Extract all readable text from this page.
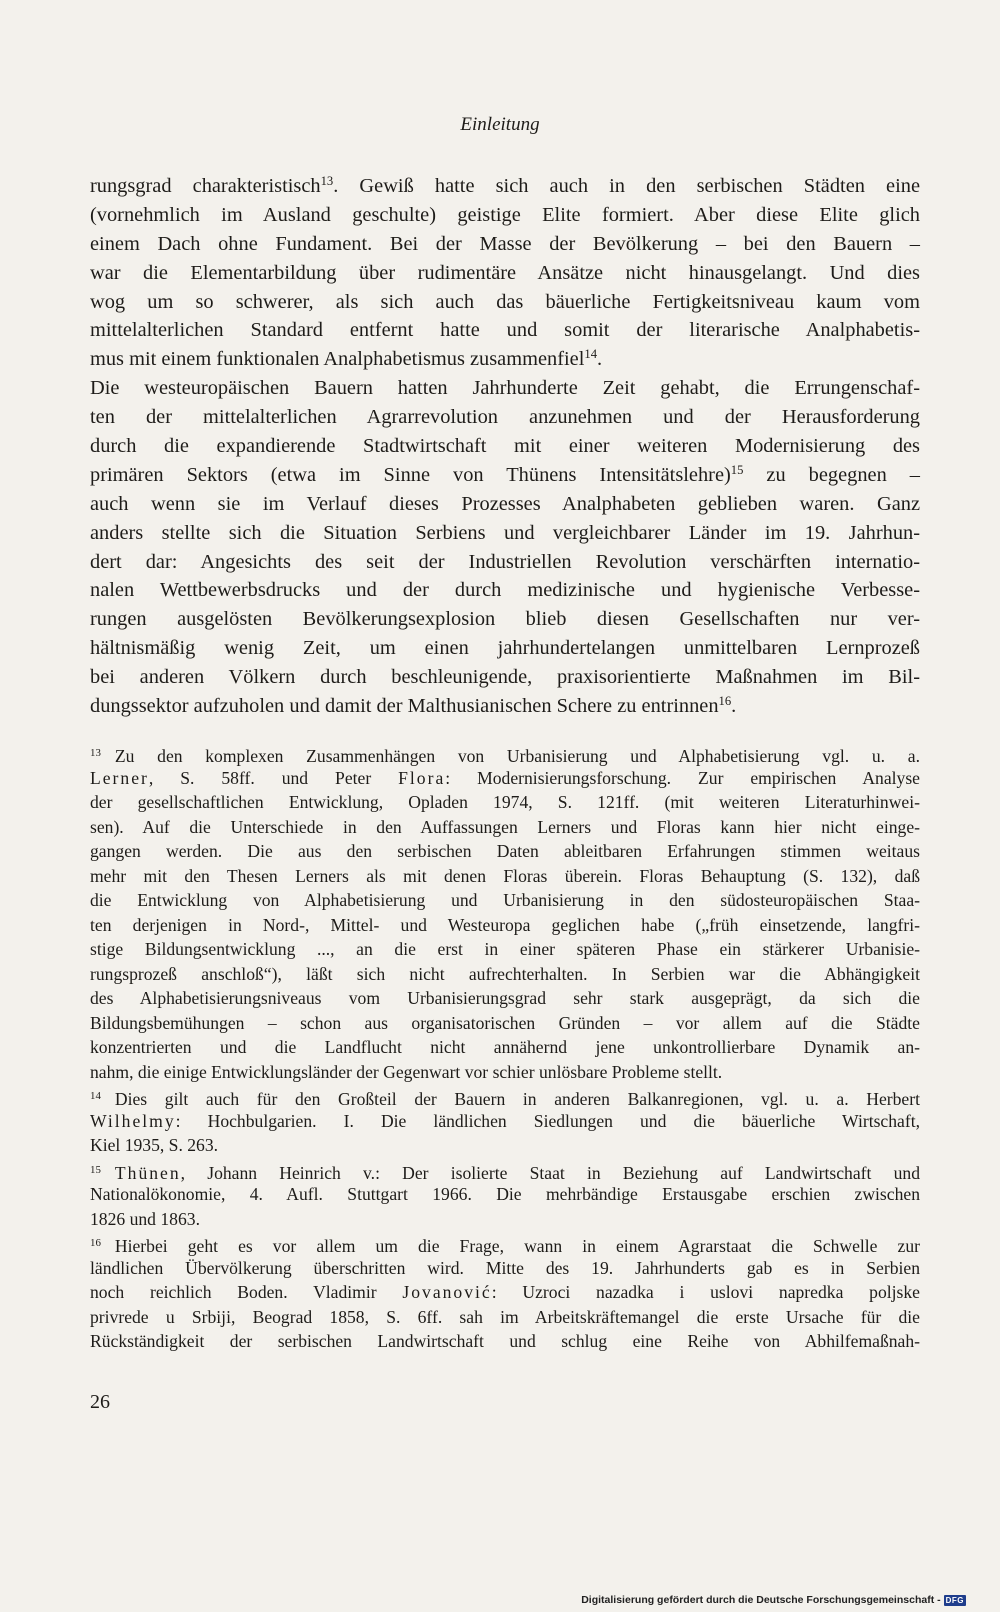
Einleitung
rungsgrad charakteristisch$^{13}$. Gewiß hatte sich auch in den serbischen Städten eine
(vornehmlich im Ausland geschulte) geistige Elite formiert. Aber diese Elite glich
einem Dach ohne Fundament. Bei der Masse der Bevölkerung – bei den Bauern –
war die Elementarbildung über rudimentäre Ansätze nicht hinausgelangt. Und dies
wog um so schwerer, als sich auch das bäuerliche Fertigkeitsniveau kaum vom
mittelalterlichen Standard entfernt hatte und somit der literarische Analphabetis-
mus mit einem funktionalen Analphabetismus zusammenfiel$^{14}$.
Die westeuropäischen Bauern hatten Jahrhunderte Zeit gehabt, die Errungenschaf-
ten der mittelalterlichen Agrarrevolution anzunehmen und der Herausforderung
durch die expandierende Stadtwirtschaft mit einer weiteren Modernisierung des
primären Sektors (etwa im Sinne von Thünens Intensitätslehre)$^{15}$ zu begegnen –
auch wenn sie im Verlauf dieses Prozesses Analphabeten geblieben waren. Ganz
anders stellte sich die Situation Serbiens und vergleichbarer Länder im 19. Jahrhun-
dert dar: Angesichts des seit der Industriellen Revolution verschärften internatio-
nalen Wettbewerbsdrucks und der durch medizinische und hygienische Verbesse-
rungen ausgelösten Bevölkerungsexplosion blieb diesen Gesellschaften nur ver-
hältnismäßig wenig Zeit, um einen jahrhundertelangen unmittelbaren Lernprozeß
bei anderen Völkern durch beschleunigende, praxisorientierte Maßnahmen im Bil-
dungssektor aufzuholen und damit der Malthusianischen Schere zu entrinnen$^{16}$.
$^{13}$ Zu den komplexen Zusammenhängen von Urbanisierung und Alphabetisierung vgl. u. a.
Lerner, S. 58ff. und Peter Flora: Modernisierungsforschung. Zur empirischen Analyse
der gesellschaftlichen Entwicklung, Opladen 1974, S. 121ff. (mit weiteren Literaturhinwei-
sen). Auf die Unterschiede in den Auffassungen Lerners und Floras kann hier nicht einge-
gangen werden. Die aus den serbischen Daten ableitbaren Erfahrungen stimmen weitaus
mehr mit den Thesen Lerners als mit denen Floras überein. Floras Behauptung (S. 132), daß
die Entwicklung von Alphabetisierung und Urbanisierung in den südosteuropäischen Staa-
ten derjenigen in Nord-, Mittel- und Westeuropa geglichen habe („früh einsetzende, langfri-
stige Bildungsentwicklung ..., an die erst in einer späteren Phase ein stärkerer Urbanisie-
rungsprozeß anschloß“), läßt sich nicht aufrechterhalten. In Serbien war die Abhängigkeit
des Alphabetisierungsniveaus vom Urbanisierungsgrad sehr stark ausgeprägt, da sich die
Bildungsbemühungen – schon aus organisatorischen Gründen – vor allem auf die Städte
konzentrierten und die Landflucht nicht annähernd jene unkontrollierbare Dynamik an-
nahm, die einige Entwicklungsländer der Gegenwart vor schier unlösbare Probleme stellt.
$^{14}$ Dies gilt auch für den Großteil der Bauern in anderen Balkanregionen, vgl. u. a. Herbert
Wilhelmy: Hochbulgarien. I. Die ländlichen Siedlungen und die bäuerliche Wirtschaft,
Kiel 1935, S. 263.
$^{15}$ Thünen, Johann Heinrich v.: Der isolierte Staat in Beziehung auf Landwirtschaft und
Nationalökonomie, 4. Aufl. Stuttgart 1966. Die mehrbändige Erstausgabe erschien zwischen
1826 und 1863.
$^{16}$ Hierbei geht es vor allem um die Frage, wann in einem Agrarstaat die Schwelle zur
ländlichen Übervölkerung überschritten wird. Mitte des 19. Jahrhunderts gab es in Serbien
noch reichlich Boden. Vladimir Jovanović: Uzroci nazadka i uslovi napredka poljske
privrede u Srbiji, Beograd 1858, S. 6ff. sah im Arbeitskräftemangel die erste Ursache für die
Rückständigkeit der serbischen Landwirtschaft und schlug eine Reihe von Abhilfemaßnah-
26
Digitalisierung gefördert durch die Deutsche Forschungsgemeinschaft - DFG
